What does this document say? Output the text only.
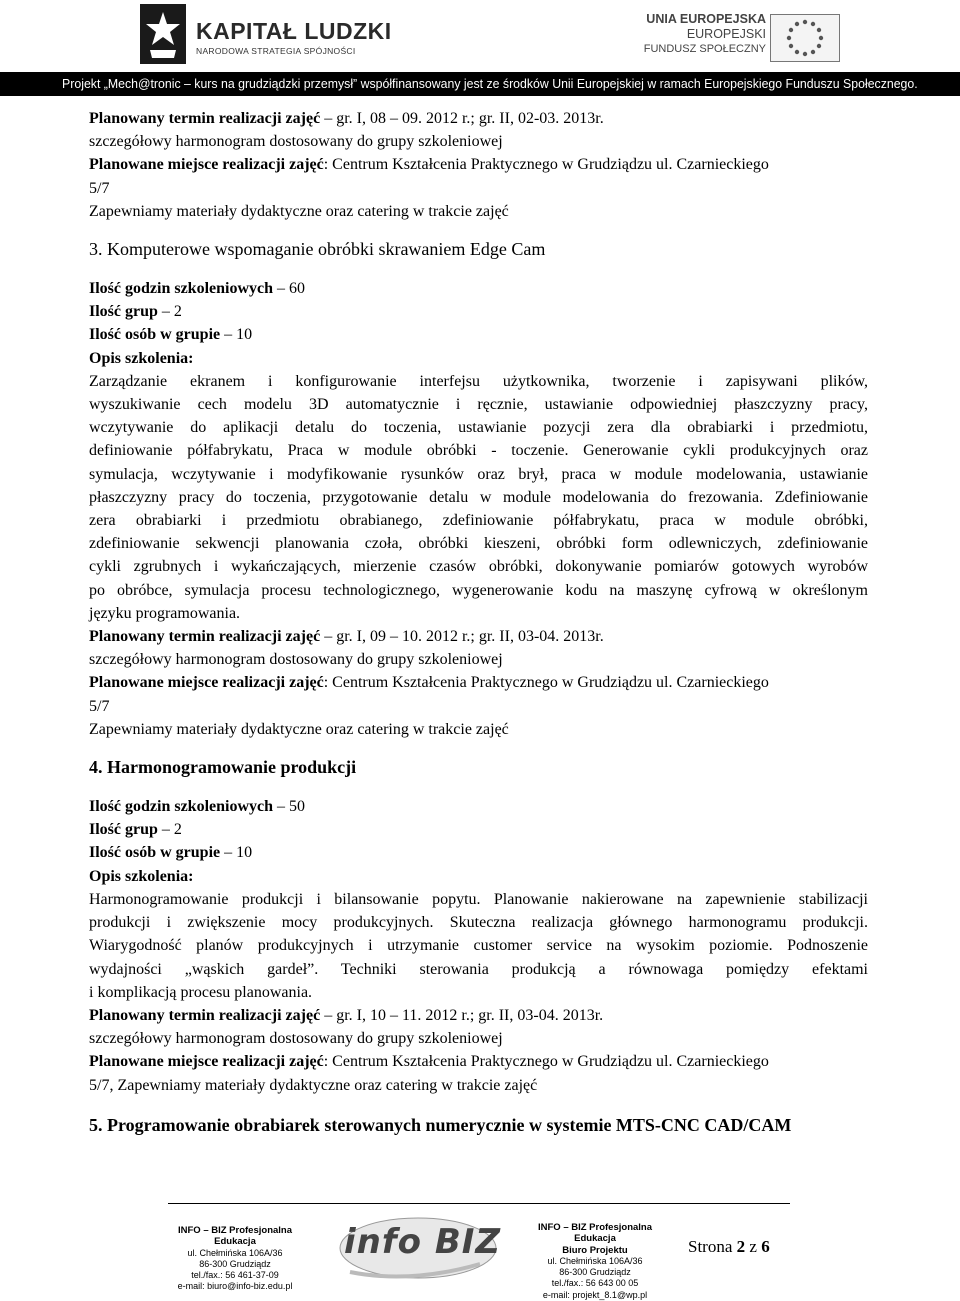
KAPITAŁ LUDZKI
NARODOWA STRATEGIA SPÓJNOŚCI
UNIA EUROPEJSKA
EUROPEJSKI
FUNDUSZ SPOŁECZNY
Projekt „Mech@tronic – kurs na grudziądzki przemysł” współfinansowany jest ze środków Unii Europejskiej w ramach Europejskiego Funduszu Społecznego.
Planowany termin realizacji zajęć – gr. I, 08 – 09. 2012 r.; gr. II, 02-03. 2013r.
szczegółowy harmonogram dostosowany do grupy szkoleniowej
Planowane miejsce realizacji zajęć: Centrum Kształcenia Praktycznego w Grudziądzu ul. Czarnieckiego
5/7
Zapewniamy materiały dydaktyczne oraz catering w trakcie zajęć
3. Komputerowe wspomaganie obróbki skrawaniem Edge Cam
Ilość godzin szkoleniowych – 60
Ilość grup – 2
Ilość osób w grupie – 10
Opis szkolenia:
Zarządzanie ekranem i konfigurowanie interfejsu użytkownika, tworzenie i zapisywani plików,
wyszukiwanie cech modelu 3D automatycznie i ręcznie, ustawianie odpowiedniej płaszczyzny pracy,
wczytywanie do aplikacji detalu do toczenia, ustawianie pozycji zera dla obrabiarki i przedmiotu,
definiowanie półfabrykatu, Praca w module obróbki - toczenie. Generowanie cykli produkcyjnych oraz
symulacja, wczytywanie i modyfikowanie rysunków oraz brył, praca w module modelowania, ustawianie
płaszczyzny pracy do toczenia, przygotowanie detalu w module modelowania do frezowania. Zdefiniowanie
zera obrabiarki i przedmiotu obrabianego, zdefiniowanie półfabrykatu, praca w module obróbki,
zdefiniowanie sekwencji planowania czoła, obróbki kieszeni, obróbki form odlewniczych, zdefiniowanie
cykli zgrubnych i wykańczających, mierzenie czasów obróbki, dokonywanie pomiarów gotowych wyrobów
po obróbce, symulacja procesu technologicznego, wygenerowanie kodu na maszynę cyfrową w określonym
języku programowania.
Planowany termin realizacji zajęć – gr. I, 09 – 10. 2012 r.; gr. II, 03-04. 2013r.
szczegółowy harmonogram dostosowany do grupy szkoleniowej
Planowane miejsce realizacji zajęć: Centrum Kształcenia Praktycznego w Grudziądzu ul. Czarnieckiego
5/7
Zapewniamy materiały dydaktyczne oraz catering w trakcie zajęć
4. Harmonogramowanie produkcji
Ilość godzin szkoleniowych – 50
Ilość grup – 2
Ilość osób w grupie – 10
Opis szkolenia:
Harmonogramowanie produkcji i bilansowanie popytu. Planowanie nakierowane na zapewnienie stabilizacji
produkcji i zwiększenie mocy produkcyjnych. Skuteczna realizacja głównego harmonogramu produkcji.
Wiarygodność planów produkcyjnych i utrzymanie customer service na wysokim poziomie. Podnoszenie
wydajności „wąskich gardeł”. Techniki sterowania produkcją a równowaga pomiędzy efektami
i komplikacją procesu planowania.
Planowany termin realizacji zajęć – gr. I, 10 – 11. 2012 r.; gr. II, 03-04. 2013r.
szczegółowy harmonogram dostosowany do grupy szkoleniowej
Planowane miejsce realizacji zajęć: Centrum Kształcenia Praktycznego w Grudziądzu ul. Czarnieckiego
5/7, Zapewniamy materiały dydaktyczne oraz catering w trakcie zajęć
5. Programowanie obrabiarek sterowanych numerycznie w systemie MTS-CNC CAD/CAM
INFO – BIZ Profesjonalna Edukacja
ul. Chełmińska 106A/36
86-300 Grudziądz
tel./fax.: 56 461-37-09
e-mail: biuro@info-biz.edu.pl
info BIZ	INFO – BIZ Profesjonalna Edukacja
Biuro Projektu
ul. Chełmińska 106A/36
86-300 Grudziądz
tel./fax.: 56 643 00 05
e-mail: projekt_8.1@wp.pl
Strona 2 z 6
